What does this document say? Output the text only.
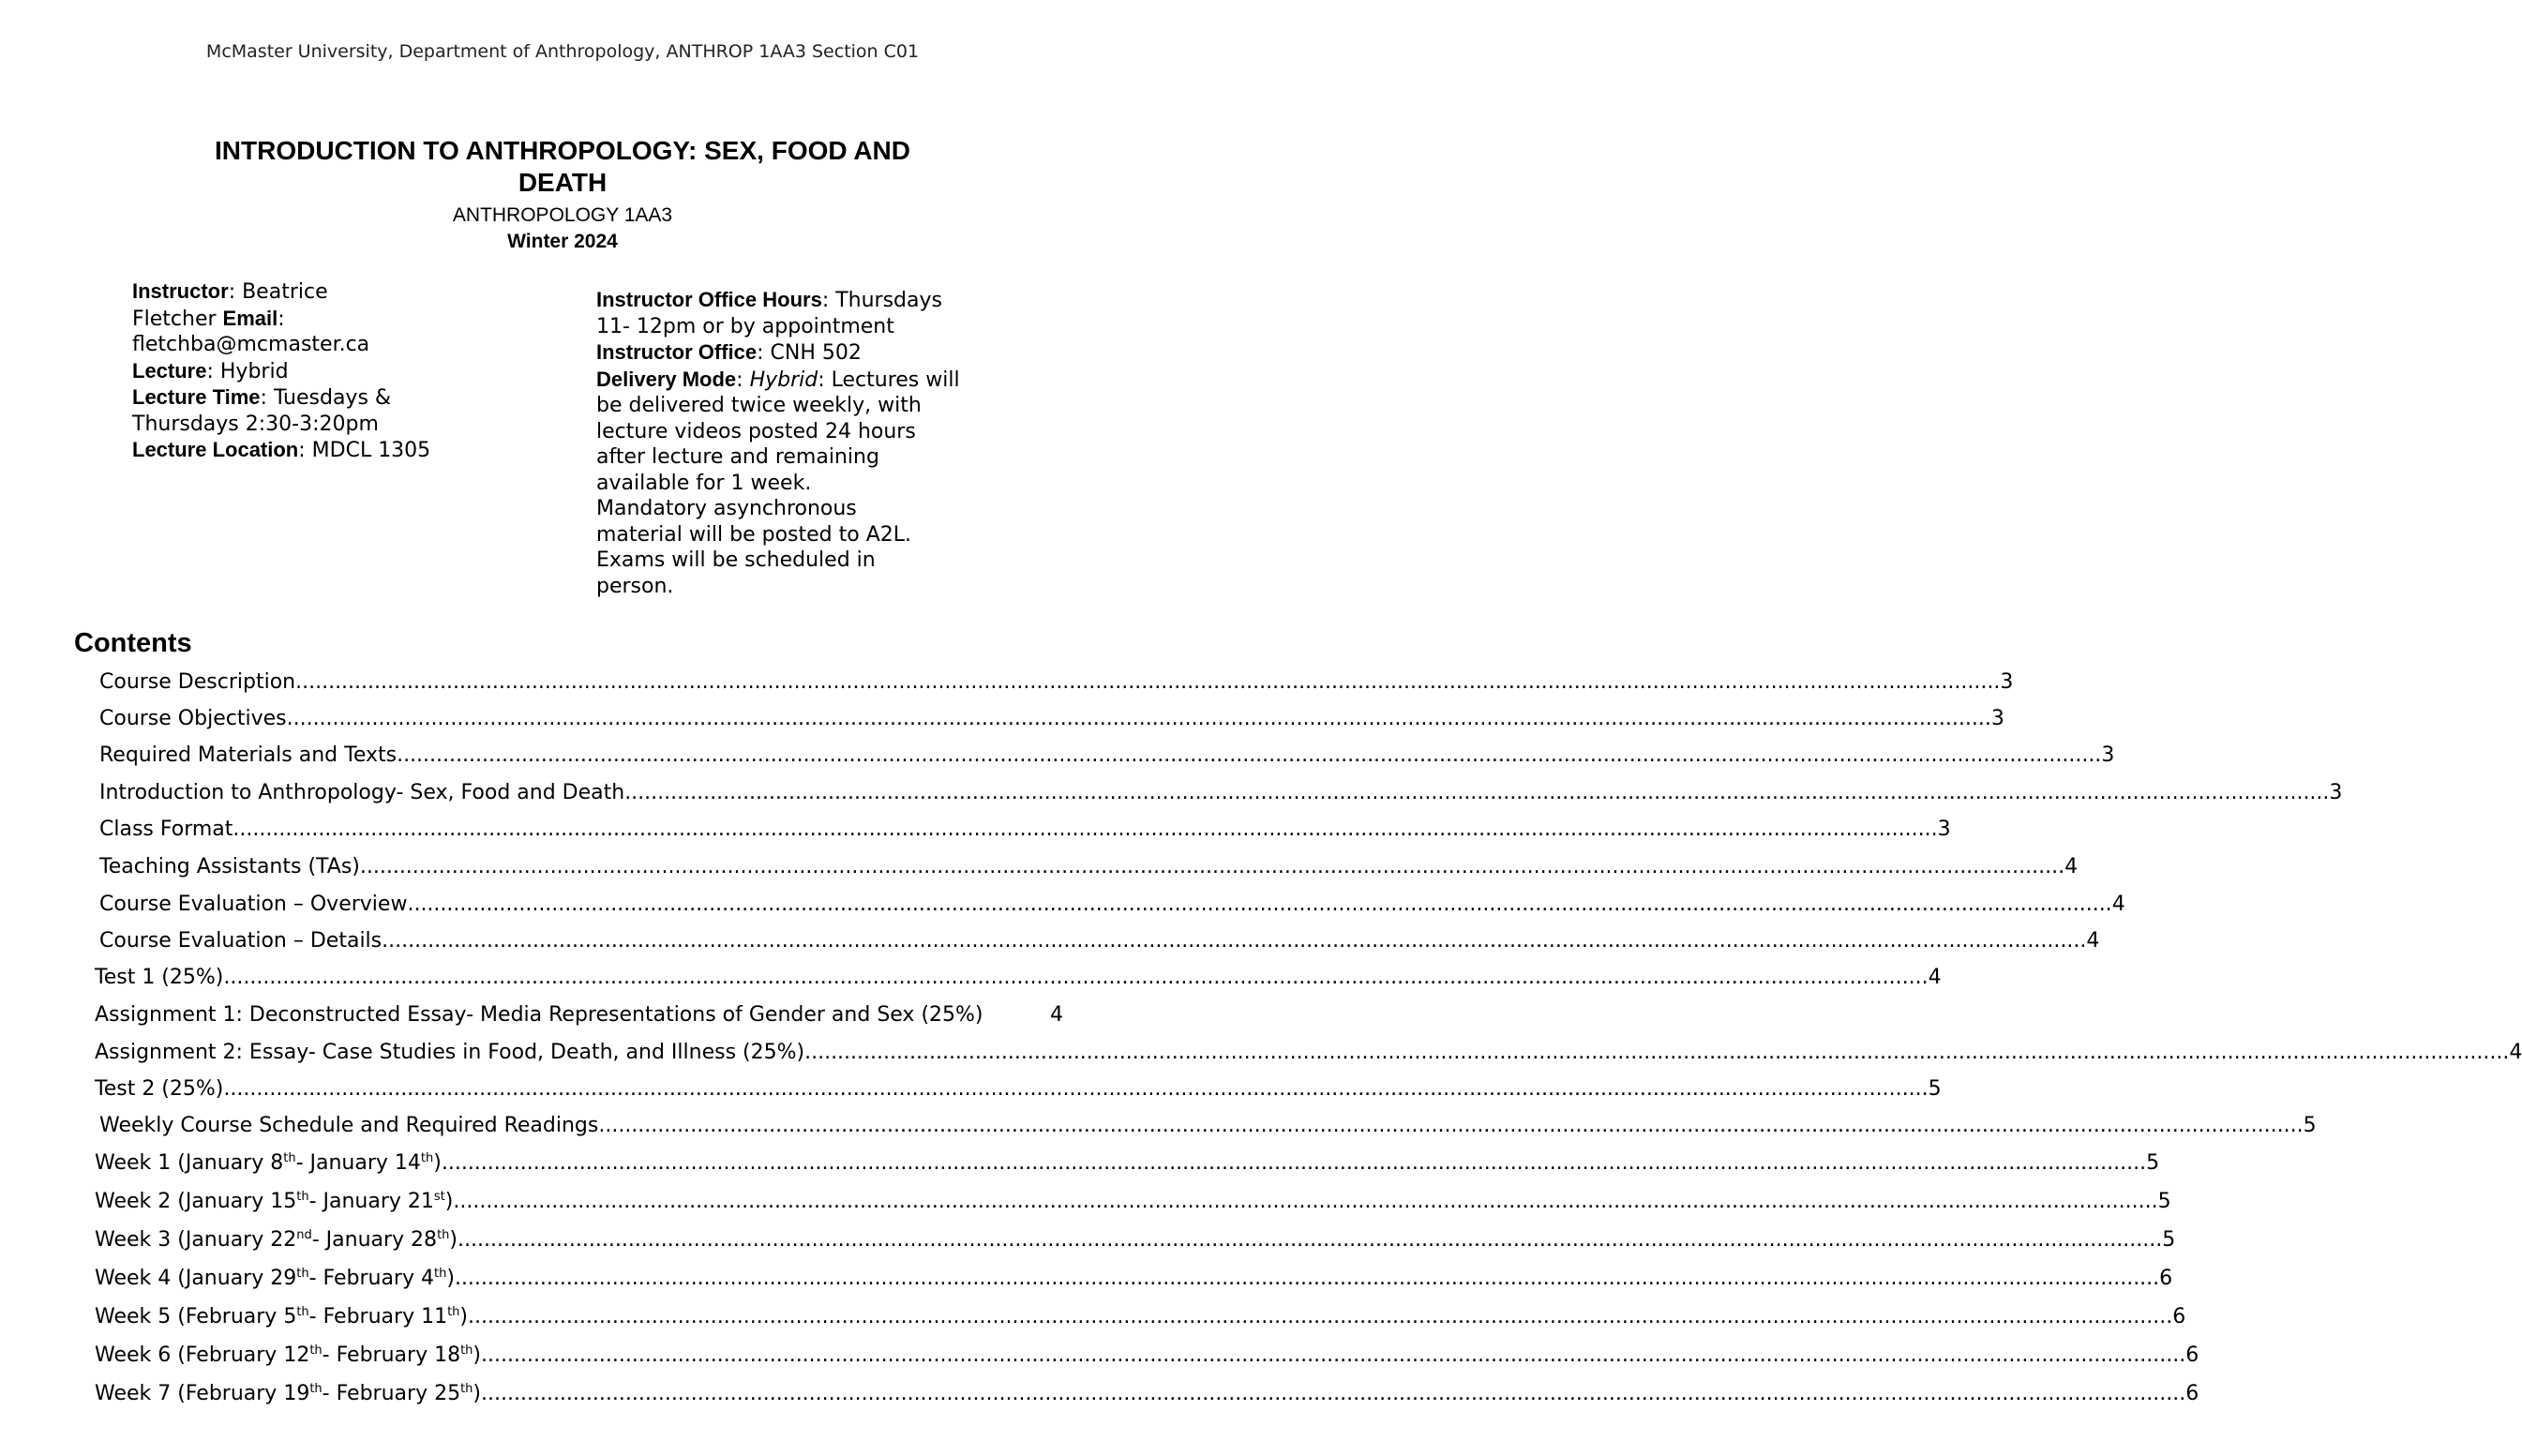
McMaster University, Department of Anthropology, ANTHROP 1AA3 Section C01
INTRODUCTION TO ANTHROPOLOGY: SEX, FOOD AND
DEATH
ANTHROPOLOGY 1AA3
Winter 2024
Instructor: Beatrice
Fletcher Email:
fletchba@mcmaster.ca
Lecture: Hybrid
Lecture Time: Tuesdays &
Thursdays 2:30-3:20pm
Lecture Location: MDCL 1305
Instructor Office Hours: Thursdays
11- 12pm or by appointment
Instructor Office: CNH 502
Delivery Mode: Hybrid: Lectures will
be delivered twice weekly, with
lecture videos posted 24 hours
after lecture and remaining
available for 1 week.
Mandatory asynchronous
material will be posted to A2L.
Exams will be scheduled in
person.
Contents
Course Description .................................................................................................................................................................................................................................................................... 3
Course Objectives .................................................................................................................................................................................................................................................................... 3
Required Materials and Texts .................................................................................................................................................................................................................................................................... 3
Introduction to Anthropology- Sex, Food and Death .................................................................................................................................................................................................................................................................... 3
Class Format .................................................................................................................................................................................................................................................................... 3
Teaching Assistants (TAs) .................................................................................................................................................................................................................................................................... 4
Course Evaluation – Overview .................................................................................................................................................................................................................................................................... 4
Course Evaluation – Details .................................................................................................................................................................................................................................................................... 4
Test 1 (25%) .................................................................................................................................................................................................................................................................... 4
Assignment 1: Deconstructed Essay- Media Representations of Gender and Sex (25%)	4
Assignment 2: Essay- Case Studies in Food, Death, and Illness (25%) .................................................................................................................................................................................................................................................................... 4
Test 2 (25%) .................................................................................................................................................................................................................................................................... 5
Weekly Course Schedule and Required Readings .................................................................................................................................................................................................................................................................... 5
Week 1 (January 8th- January 14th) .................................................................................................................................................................................................................................................................... 5
Week 2 (January 15th- January 21st) .................................................................................................................................................................................................................................................................... 5
Week 3 (January 22nd- January 28th) .................................................................................................................................................................................................................................................................... 5
Week 4 (January 29th- February 4th) .................................................................................................................................................................................................................................................................... 6
Week 5 (February 5th- February 11th) .................................................................................................................................................................................................................................................................... 6
Week 6 (February 12th- February 18th) .................................................................................................................................................................................................................................................................... 6
Week 7 (February 19th- February 25th) .................................................................................................................................................................................................................................................................... 6
